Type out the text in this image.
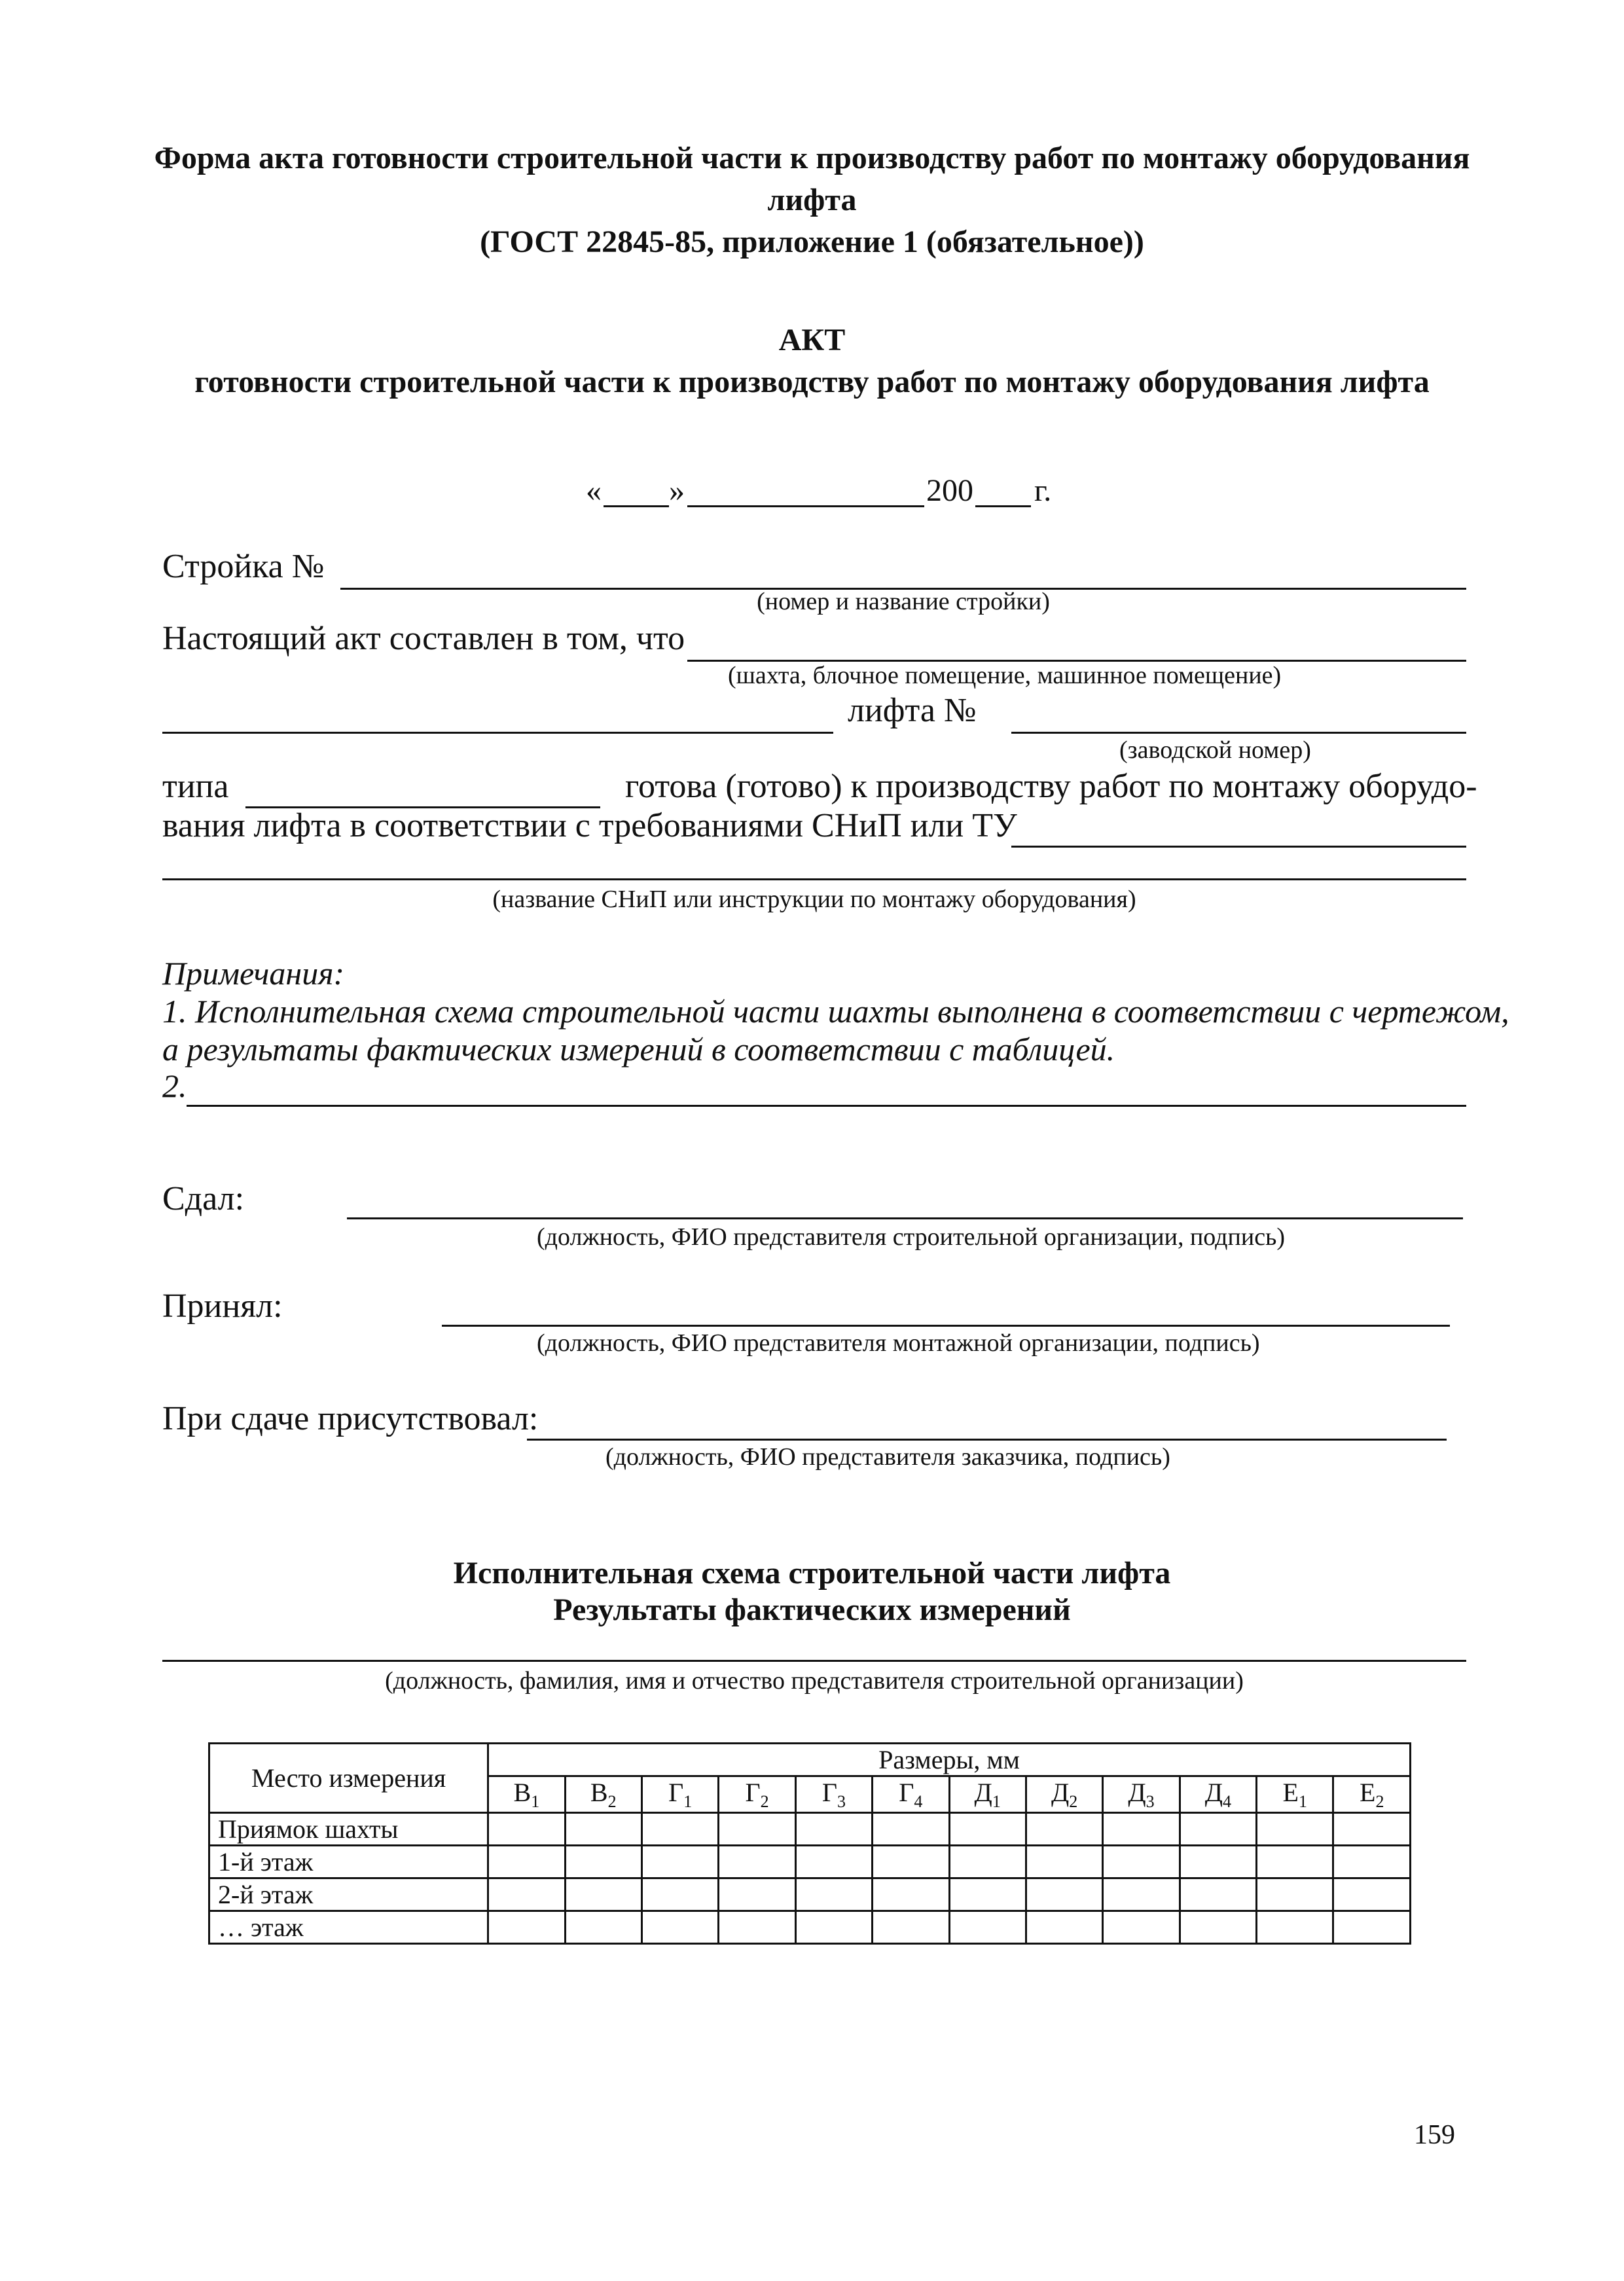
Форма акта готовности строительной части к производству работ по монтажу оборудования лифта
(ГОСТ 22845-85, приложение 1 (обязательное))
АКТ
готовности строительной части к производству работ по монтажу оборудования лифта
« »	200 г.
Стройка №
(номер и название стройки)
Настоящий акт составлен в том, что
(шахта, блочное помещение, машинное помещение)
лифта №
(заводской номер)
типа	готова (готово) к производству работ по монтажу оборудо-
вания лифта в соответствии с требованиями СНиП или ТУ
(название СНиП или инструкции по монтажу оборудования)
Примечания:
1. Исполнительная схема строительной части шахты выполнена в соответствии с чертежом,
а результаты фактических измерений в соответствии с таблицей.
2.
Сдал:
(должность, ФИО представителя строительной организации, подпись)
Принял:
(должность, ФИО представителя монтажной организации, подпись)
При сдаче присутствовал:
(должность, ФИО представителя заказчика, подпись)
Исполнительная схема строительной части лифта
Результаты фактических измерений
(должность, фамилия, имя и отчество представителя строительной организации)
Место измерения	Размеры, мм											
	$В_1$	$В_2$	$Г_1$	$Г_2$	$Г_3$	$Г_4$	$Д_1$	$Д_2$	$Д_3$	$Д_4$	$Е_1$	$Е_2$
Приямок шахты												
1-й этаж												
2-й этаж												
… этаж												
159
